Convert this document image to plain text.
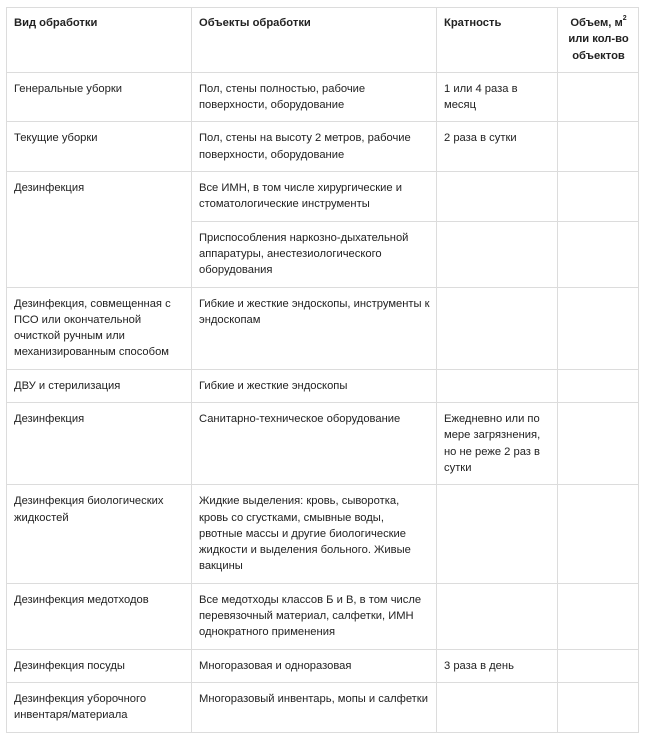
Вид обработки	Объекты обработки	Кратность	Объем, $м^2$ или кол-во объектов
Генеральные уборки	Пол, стены полностью, рабочие поверхности, оборудование	1 или 4 раза в месяц	
Текущие уборки	Пол, стены на высоту 2 метров, рабочие поверхности, оборудование	2 раза в сутки	
Дезинфекция	Все ИМН, в том числе хирургические и стоматологические инструменты		
	Приспособления наркозно-дыхательной аппаратуры, анестезиологического оборудования		
Дезинфекция, совмещенная с ПСО или окончательной очисткой ручным или механизированным способом	Гибкие и жесткие эндоскопы, инструменты к эндоскопам		
ДВУ и стерилизация	Гибкие и жесткие эндоскопы		
Дезинфекция	Санитарно-техническое оборудование	Ежедневно или по мере загрязнения, но не реже 2 раз в сутки	
Дезинфекция биологических жидкостей	Жидкие выделения: кровь, сыворотка, кровь со сгустками, смывные воды, рвотные массы и другие биологические жидкости и выделения больного. Живые вакцины		
Дезинфекция медотходов	Все медотходы классов Б и В, в том числе перевязочный материал, салфетки, ИМН однократного применения		
Дезинфекция посуды	Многоразовая и одноразовая	3 раза в день	
Дезинфекция уборочного инвентаря/материала	Многоразовый инвентарь, мопы и салфетки		
